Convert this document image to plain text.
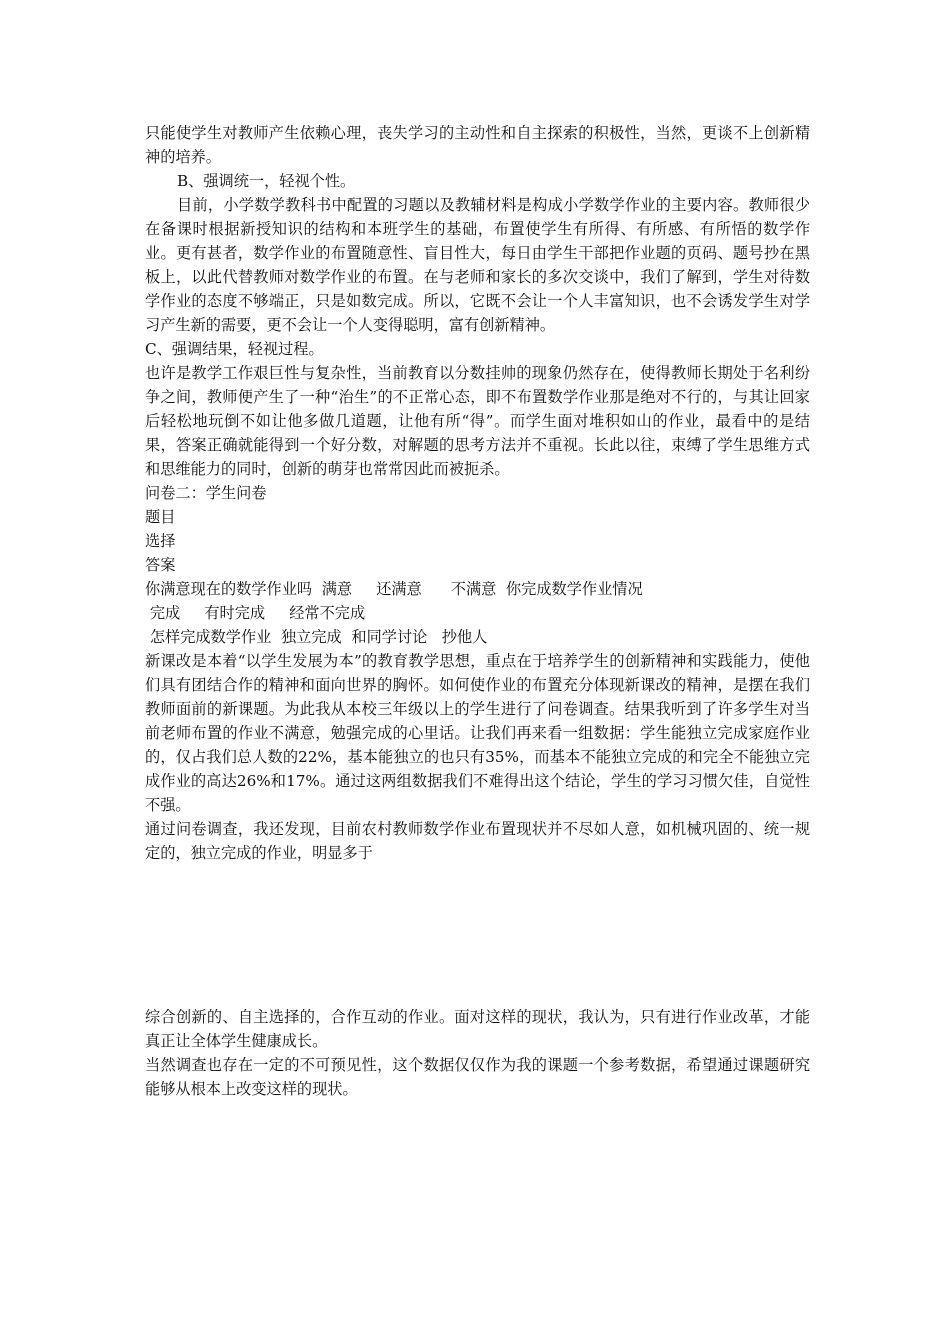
只能使学生对教师产生依赖心理，丧失学习的主动性和自主探索的积极性，当然，更谈不上创新精神的培养。

B、强调统一，轻视个性。

目前，小学数学教科书中配置的习题以及教辅材料是构成小学数学作业的主要内容。教师很少在备课时根据新授知识的结构和本班学生的基础，布置使学生有所得、有所感、有所悟的数学作业。更有甚者，数学作业的布置随意性、盲目性大，每日由学生干部把作业题的页码、题号抄在黑板上，以此代替教师对数学作业的布置。在与老师和家长的多次交谈中，我们了解到，学生对待数学作业的态度不够端正，只是如数完成。所以，它既不会让一个人丰富知识，也不会诱发学生对学习产生新的需要，更不会让一个人变得聪明，富有创新精神。

C、强调结果，轻视过程。

也许是教学工作艰巨性与复杂性，当前教育以分数挂帅的现象仍然存在，使得教师长期处于名利纷争之间，教师便产生了一种“治生”的不正常心态，即不布置数学作业那是绝对不行的，与其让回家后轻松地玩倒不如让他多做几道题，让他有所“得”。而学生面对堆积如山的作业，最看中的是结果，答案正确就能得到一个好分数，对解题的思考方法并不重视。长此以往，束缚了学生思维方式和思维能力的同时，创新的萌芽也常常因此而被扼杀。

问卷二：学生问卷

题目

选择

答案

你满意现在的数学作业吗  满意     还满意      不满意  你完成数学作业情况

完成     有时完成     经常不完成

怎样完成数学作业  独立完成  和同学讨论   抄他人

新课改是本着“以学生发展为本”的教育教学思想，重点在于培养学生的创新精神和实践能力，使他们具有团结合作的精神和面向世界的胸怀。如何使作业的布置充分体现新课改的精神，是摆在我们教师面前的新课题。为此我从本校三年级以上的学生进行了问卷调查。结果我听到了许多学生对当前老师布置的作业不满意，勉强完成的心里话。让我们再来看一组数据：学生能独立完成家庭作业的，仅占我们总人数的22%，基本能独立的也只有35%，而基本不能独立完成的和完全不能独立完成作业的高达26%和17%。通过这两组数据我们不难得出这个结论，学生的学习习惯欠佳，自觉性不强。

通过问卷调查，我还发现，目前农村教师数学作业布置现状并不尽如人意，如机械巩固的、统一规定的，独立完成的作业，明显多于

综合创新的、自主选择的，合作互动的作业。面对这样的现状，我认为，只有进行作业改革，才能真正让全体学生健康成长。

当然调查也存在一定的不可预见性，这个数据仅仅作为我的课题一个参考数据，希望通过课题研究能够从根本上改变这样的现状。
